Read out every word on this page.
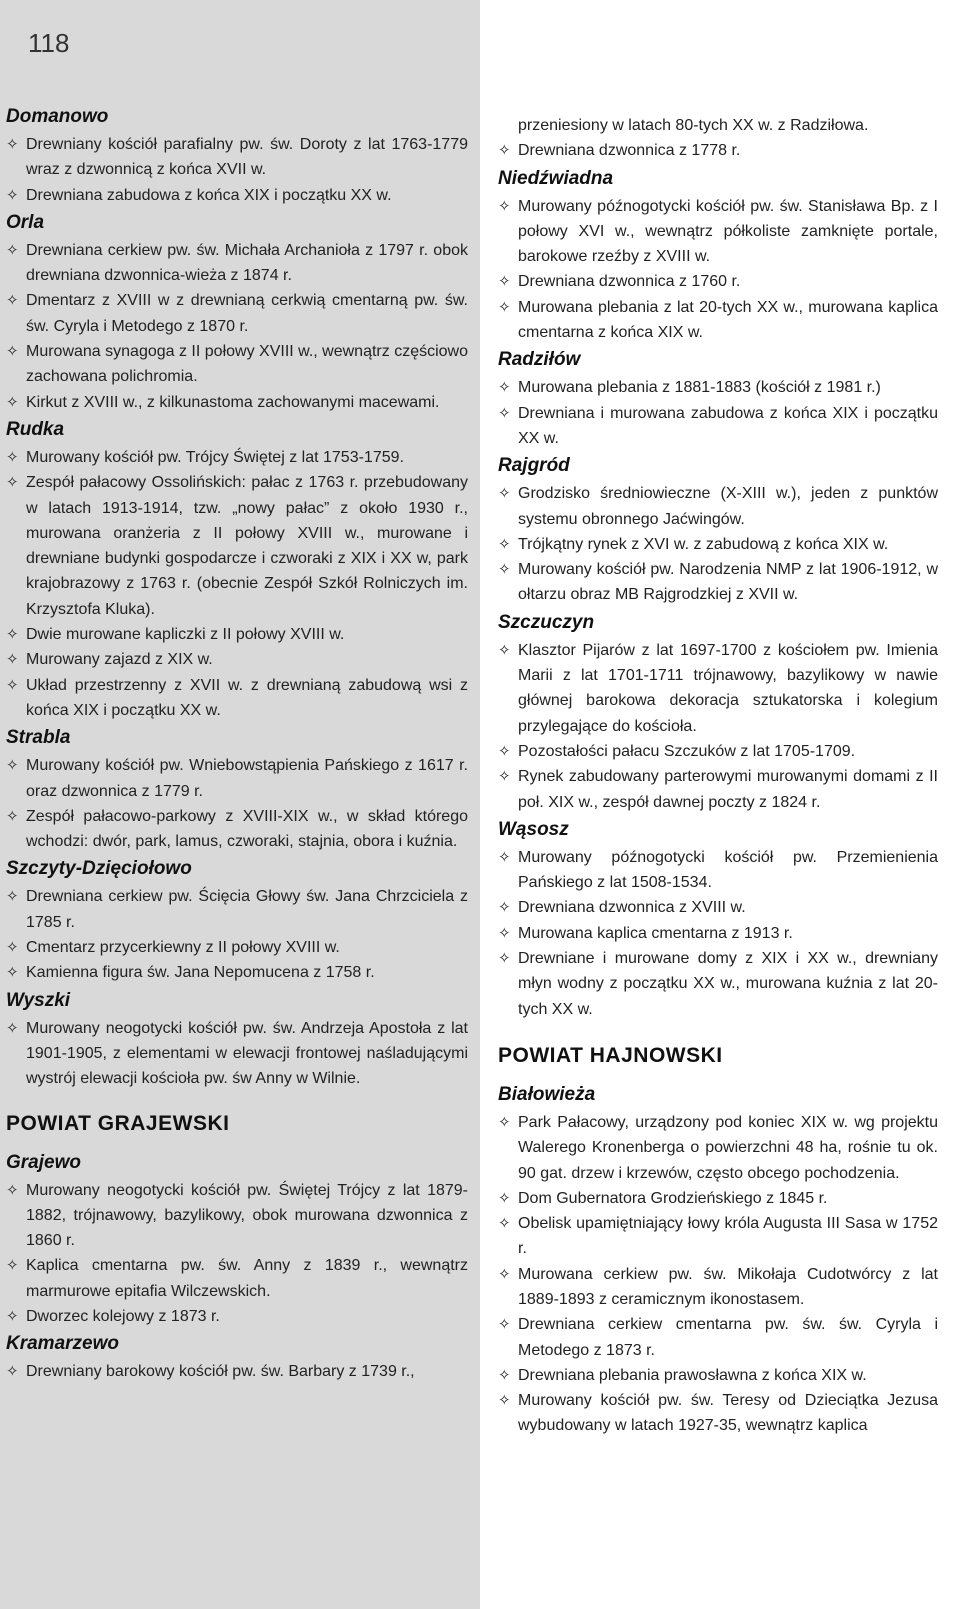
118
Domanowo
✧ Drewniany kościół parafialny pw. św. Doroty z lat 1763-1779 wraz z dzwonnicą z końca XVII w.
✧ Drewniana zabudowa z końca XIX i początku XX w.
Orla
✧ Drewniana cerkiew pw. św. Michała Archanioła z 1797 r. obok drewniana dzwonnica-wieża z 1874 r.
✧ Dmentarz z XVIII w z drewnianą cerkwią cmentarną pw. św. św. Cyryla i Metodego z 1870 r.
✧ Murowana synagoga z II połowy XVIII w., wewnątrz częściowo zachowana polichromia.
✧ Kirkut z XVIII w., z kilkunastoma zachowanymi macewami.
Rudka
✧ Murowany kościół pw. Trójcy Świętej z lat 1753-1759.
✧ Zespół pałacowy Ossolińskich: pałac z 1763 r. przebudowany w latach 1913-1914, tzw. „nowy pałac” z około 1930 r., murowana oranżeria z II połowy XVIII w., murowane i drewniane budynki gospodarcze i czworaki z XIX i XX w, park krajobrazowy z 1763 r. (obecnie Zespół Szkół Rolniczych im. Krzysztofa Kluka).
✧ Dwie murowane kapliczki z II połowy XVIII w.
✧ Murowany zajazd z XIX w.
✧ Układ przestrzenny z XVII w. z drewnianą zabudową wsi z końca XIX i początku XX w.
Strabla
✧ Murowany kościół pw. Wniebowstąpienia Pańskiego z 1617 r. oraz dzwonnica z 1779 r.
✧ Zespół pałacowo-parkowy z XVIII-XIX w., w skład którego wchodzi: dwór, park, lamus, czworaki, stajnia, obora i kuźnia.
Szczyty-Dzięciołowo
✧ Drewniana cerkiew pw. Ścięcia Głowy św. Jana Chrzciciela z 1785 r.
✧ Cmentarz przycerkiewny z II połowy XVIII w.
✧ Kamienna figura św. Jana Nepomucena z 1758 r.
Wyszki
✧ Murowany neogotycki kościół pw. św. Andrzeja Apostoła z lat 1901-1905, z elementami w elewacji frontowej naśladującymi wystrój elewacji kościoła pw. św Anny w Wilnie.
POWIAT GRAJEWSKI
Grajewo
✧ Murowany neogotycki kościół pw. Świętej Trójcy z lat 1879-1882, trójnawowy, bazylikowy, obok murowana dzwonnica z 1860 r.
✧ Kaplica cmentarna pw. św. Anny z 1839 r., wewnątrz marmurowe epitafia Wilczewskich.
✧ Dworzec kolejowy z 1873 r.
Kramarzewo
✧ Drewniany barokowy kościół pw. św. Barbary z 1739 r.,
przeniesiony w latach 80-tych XX w. z Radziłowa.
✧ Drewniana dzwonnica z 1778 r.
Niedźwiadna
✧ Murowany późnogotycki kościół pw. św. Stanisława Bp. z I połowy XVI w., wewnątrz półkoliste zamknięte portale, barokowe rzeźby z XVIII w.
✧ Drewniana dzwonnica z 1760 r.
✧ Murowana plebania z lat 20-tych XX w., murowana kaplica cmentarna z końca XIX w.
Radziłów
✧ Murowana plebania z 1881-1883 (kościół z 1981 r.)
✧ Drewniana i murowana zabudowa z końca XIX i początku XX w.
Rajgród
✧ Grodzisko średniowieczne (X-XIII w.), jeden z punktów systemu obronnego Jaćwingów.
✧ Trójkątny rynek z XVI w. z zabudową z końca XIX w.
✧ Murowany kościół pw. Narodzenia NMP z lat 1906-1912, w ołtarzu obraz MB Rajgrodzkiej z XVII w.
Szczuczyn
✧ Klasztor Pijarów z lat 1697-1700 z kościołem pw. Imienia Marii z lat 1701-1711 trójnawowy, bazylikowy w nawie głównej barokowa dekoracja sztukatorska i kolegium przylegające do kościoła.
✧ Pozostałości pałacu Szczuków z lat 1705-1709.
✧ Rynek zabudowany parterowymi murowanymi domami z II poł. XIX w., zespół dawnej poczty z 1824 r.
Wąsosz
✧ Murowany późnogotycki kościół pw. Przemienienia Pańskiego z lat 1508-1534.
✧ Drewniana dzwonnica z XVIII w.
✧ Murowana kaplica cmentarna z 1913 r.
✧ Drewniane i murowane domy z XIX i XX w., drewniany młyn wodny z początku XX w., murowana kuźnia z lat 20-tych XX w.
POWIAT HAJNOWSKI
Białowieża
✧ Park Pałacowy, urządzony pod koniec XIX w. wg projektu Walerego Kronenberga o powierzchni 48 ha, rośnie tu ok. 90 gat. drzew i krzewów, często obcego pochodzenia.
✧ Dom Gubernatora Grodzieńskiego z 1845 r.
✧ Obelisk upamiętniający łowy króla Augusta III Sasa w 1752 r.
✧ Murowana cerkiew pw. św. Mikołaja Cudotwórcy z lat 1889-1893 z ceramicznym ikonostasem.
✧ Drewniana cerkiew cmentarna pw. św. św. Cyryla i Metodego z 1873 r.
✧ Drewniana plebania prawosławna z końca XIX w.
✧ Murowany kościół pw. św. Teresy od Dzieciątka Jezusa wybudowany w latach 1927-35, wewnątrz kaplica
